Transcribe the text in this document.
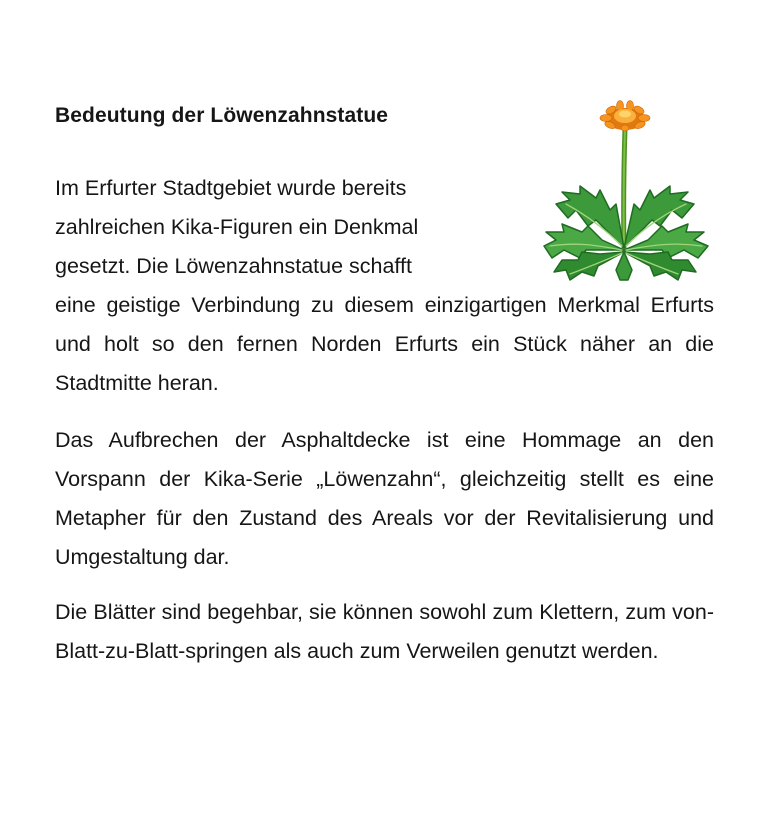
Bedeutung der Löwenzahnstatue

Im Erfurter Stadtgebiet wurde bereits
zahlreichen Kika-Figuren ein Denkmal
gesetzt. Die Löwenzahnstatue schafft

eine geistige Verbindung zu diesem einzigartigen Merkmal Erfurts und holt so den fernen Norden Erfurts ein Stück näher an die Stadtmitte heran.

Das Aufbrechen der Asphaltdecke ist eine Hommage an den Vorspann der Kika-Serie „Löwenzahn“, gleichzeitig stellt es eine Metapher für den Zustand des Areals vor der Revitalisierung und Umgestaltung dar.

Die Blätter sind begehbar, sie können sowohl zum Klettern, zum von-Blatt-zu-Blatt-springen als auch zum Verweilen genutzt werden.
